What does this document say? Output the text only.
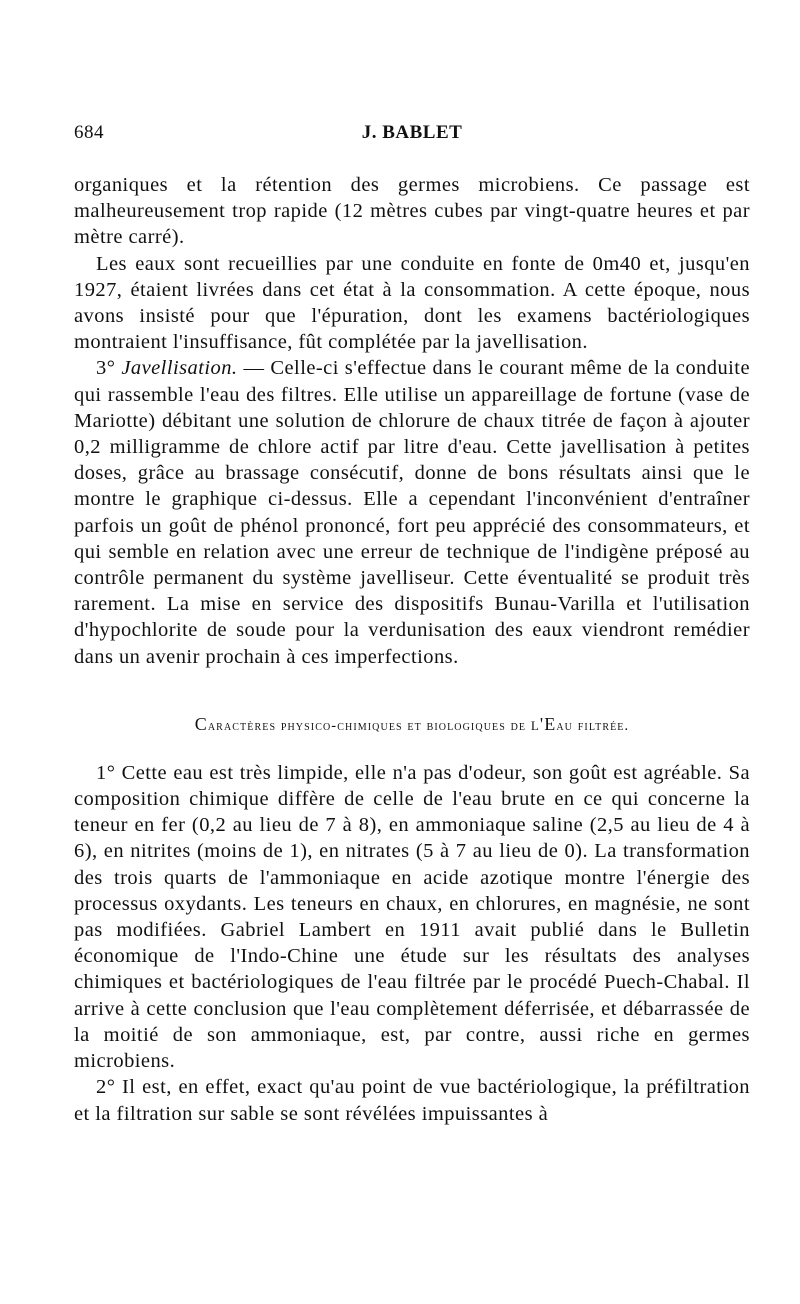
684	J. BABLET

organiques et la rétention des germes microbiens. Ce passage est malheureusement trop rapide (12 mètres cubes par vingt-quatre heures et par mètre carré).

Les eaux sont recueillies par une conduite en fonte de 0m40 et, jusqu'en 1927, étaient livrées dans cet état à la consommation. A cette époque, nous avons insisté pour que l'épuration, dont les examens bactériologiques montraient l'insuffisance, fût complétée par la javellisation.

3° Javellisation. — Celle-ci s'effectue dans le courant même de la conduite qui rassemble l'eau des filtres. Elle utilise un appareillage de fortune (vase de Mariotte) débitant une solution de chlorure de chaux titrée de façon à ajouter 0,2 milligramme de chlore actif par litre d'eau. Cette javellisation à petites doses, grâce au brassage consécutif, donne de bons résultats ainsi que le montre le graphique ci-dessus. Elle a cependant l'inconvénient d'entraîner parfois un goût de phénol prononcé, fort peu apprécié des consommateurs, et qui semble en relation avec une erreur de technique de l'indigène préposé au contrôle permanent du système javelliseur. Cette éventualité se produit très rarement. La mise en service des dispositifs Bunau-Varilla et l'utilisation d'hypochlorite de soude pour la verdunisation des eaux viendront remédier dans un avenir prochain à ces imperfections.

Caractères physico-chimiques et biologiques de l'Eau filtrée.

1° Cette eau est très limpide, elle n'a pas d'odeur, son goût est agréable. Sa composition chimique diffère de celle de l'eau brute en ce qui concerne la teneur en fer (0,2 au lieu de 7 à 8), en ammoniaque saline (2,5 au lieu de 4 à 6), en nitrites (moins de 1), en nitrates (5 à 7 au lieu de 0). La transformation des trois quarts de l'ammoniaque en acide azotique montre l'énergie des processus oxydants. Les teneurs en chaux, en chlorures, en magnésie, ne sont pas modifiées. Gabriel Lambert en 1911 avait publié dans le Bulletin économique de l'Indo-Chine une étude sur les résultats des analyses chimiques et bactériologiques de l'eau filtrée par le procédé Puech-Chabal. Il arrive à cette conclusion que l'eau complètement déferrisée, et débarrassée de la moitié de son ammoniaque, est, par contre, aussi riche en germes microbiens.

2° Il est, en effet, exact qu'au point de vue bactériologique, la préfiltration et la filtration sur sable se sont révélées impuissantes à
